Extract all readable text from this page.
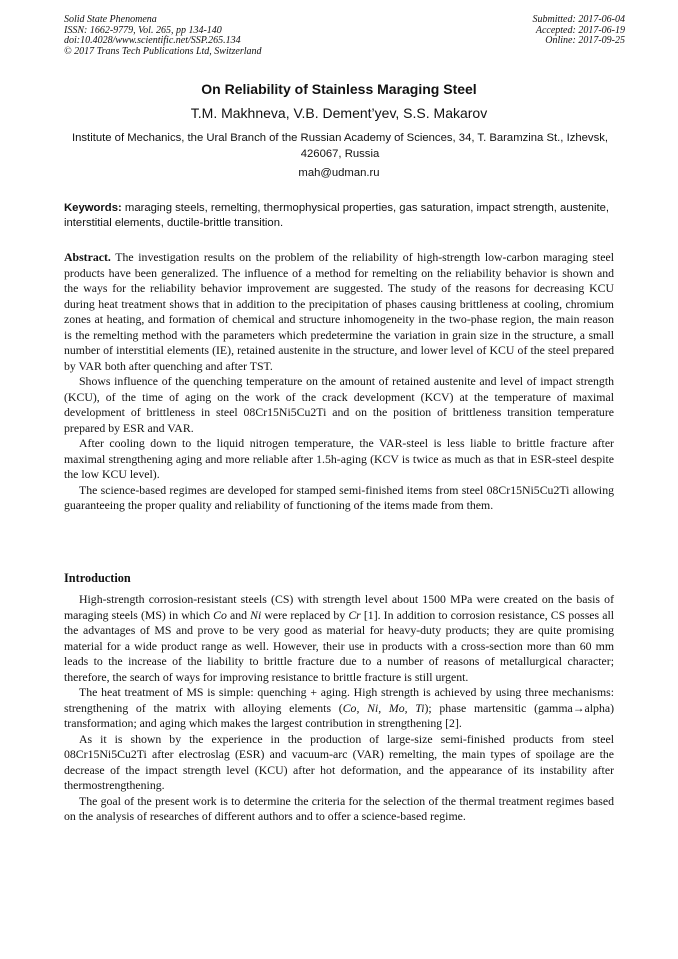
Solid State Phenomena
ISSN: 1662-9779, Vol. 265, pp 134-140
doi:10.4028/www.scientific.net/SSP.265.134
© 2017 Trans Tech Publications Ltd, Switzerland
Submitted: 2017-06-04
Accepted: 2017-06-19
Online: 2017-09-25
On Reliability of Stainless Maraging Steel
T.M. Makhneva, V.B. Dement’yev, S.S. Makarov
Institute of Mechanics, the Ural Branch of the Russian Academy of Sciences, 34, T. Baramzina St., Izhevsk, 426067, Russia
mah@udman.ru
Keywords: maraging steels, remelting, thermophysical properties, gas saturation, impact strength, austenite, interstitial elements, ductile-brittle transition.

Abstract. The investigation results on the problem of the reliability of high-strength low-carbon maraging steel products have been generalized. The influence of a method for remelting on the reliability behavior is shown and the ways for the reliability behavior improvement are suggested. The study of the reasons for decreasing KCU during heat treatment shows that in addition to the precipitation of phases causing brittleness at cooling, chromium zones at heating, and formation of chemical and structure inhomogeneity in the two-phase region, the main reason is the remelting method with the parameters which predetermine the variation in grain size in the structure, a small number of interstitial elements (IE), retained austenite in the structure, and lower level of KCU of the steel prepared by VAR both after quenching and after TST.

Shows influence of the quenching temperature on the amount of retained austenite and level of impact strength (KCU), of the time of aging on the work of the crack development (KCV) at the temperature of maximal development of brittleness in steel 08Cr15Ni5Cu2Ti and on the position of brittleness transition temperature prepared by ESR and VAR.

After cooling down to the liquid nitrogen temperature, the VAR-steel is less liable to brittle fracture after maximal strengthening aging and more reliable after 1.5h-aging (KCV is twice as much as that in ESR-steel despite the low KCU level).

The science-based regimes are developed for stamped semi-finished items from steel 08Cr15Ni5Cu2Ti allowing guaranteeing the proper quality and reliability of functioning of the items made from them.

Introduction

High-strength corrosion-resistant steels (CS) with strength level about 1500 MPa were created on the basis of maraging steels (MS) in which Co and Ni were replaced by Cr [1]. In addition to corrosion resistance, CS posses all the advantages of MS and prove to be very good as material for heavy-duty products; they are quite promising material for a wide product range as well. However, their use in products with a cross-section more than 60 mm leads to the increase of the liability to brittle fracture due to a number of reasons of metallurgical character; therefore, the search of ways for improving resistance to brittle fracture is still urgent.

The heat treatment of MS is simple: quenching + aging. High strength is achieved by using three mechanisms: strengthening of the matrix with alloying elements (Co, Ni, Mo, Ti); phase martensitic (gamma→alpha) transformation; and aging which makes the largest contribution in strengthening [2].

As it is shown by the experience in the production of large-size semi-finished products from steel 08Cr15Ni5Cu2Ti after electroslag (ESR) and vacuum-arc (VAR) remelting, the main types of spoilage are the decrease of the impact strength level (KCU) after hot deformation, and the appearance of its instability after thermostrengthening.

The goal of the present work is to determine the criteria for the selection of the thermal treatment regimes based on the analysis of researches of different authors and to offer a science-based regime.
